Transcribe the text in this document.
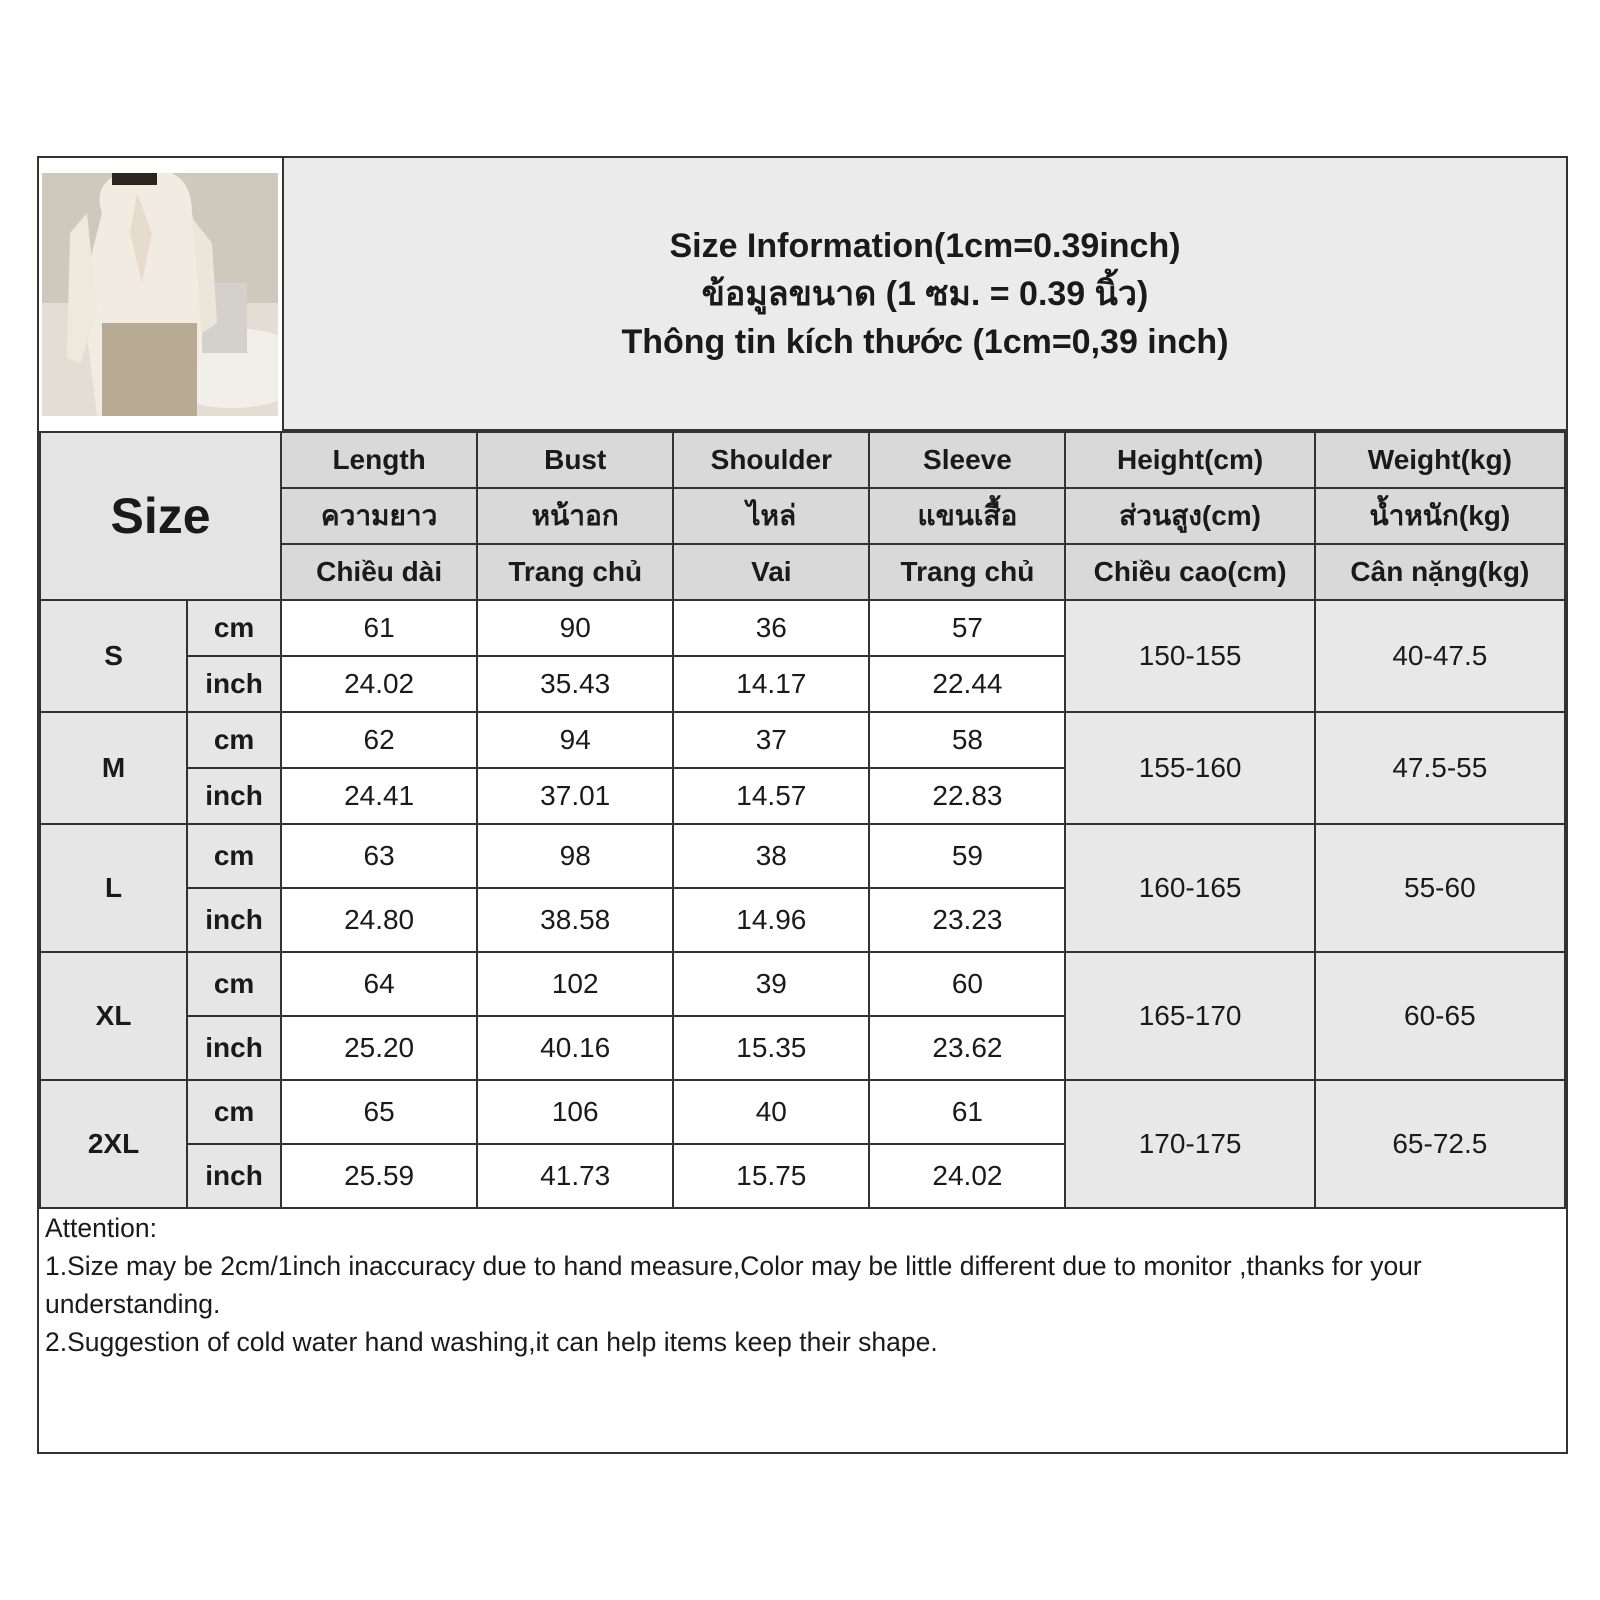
Size Information(1cm=0.39inch)
ข้อมูลขนาด (1 ซม. = 0.39 นิ้ว)
Thông tin kích thước (1cm=0,39 inch)
Size		Length	Bust	Shoulder	Sleeve	Height(cm)	Weight(kg)
		ความยาว	หน้าอก	ไหล่	แขนเสื้อ	ส่วนสูง(cm)	น้ำหนัก(kg)
		Chiều dài	Trang chủ	Vai	Trang chủ	Chiều cao(cm)	Cân nặng(kg)
S	cm	61	90	36	57	150-155	40-47.5
	inch	24.02	35.43	14.17	22.44		
M	cm	62	94	37	58	155-160	47.5-55
	inch	24.41	37.01	14.57	22.83		
L	cm	63	98	38	59	160-165	55-60
	inch	24.80	38.58	14.96	23.23		
XL	cm	64	102	39	60	165-170	60-65
	inch	25.20	40.16	15.35	23.62		
2XL	cm	65	106	40	61	170-175	65-72.5
	inch	25.59	41.73	15.75	24.02		
Attention:
1.Size may be 2cm/1inch inaccuracy due to hand measure,Color may be little different due to monitor ,thanks for your understanding.
2.Suggestion of cold water hand washing,it can help items keep their shape.
